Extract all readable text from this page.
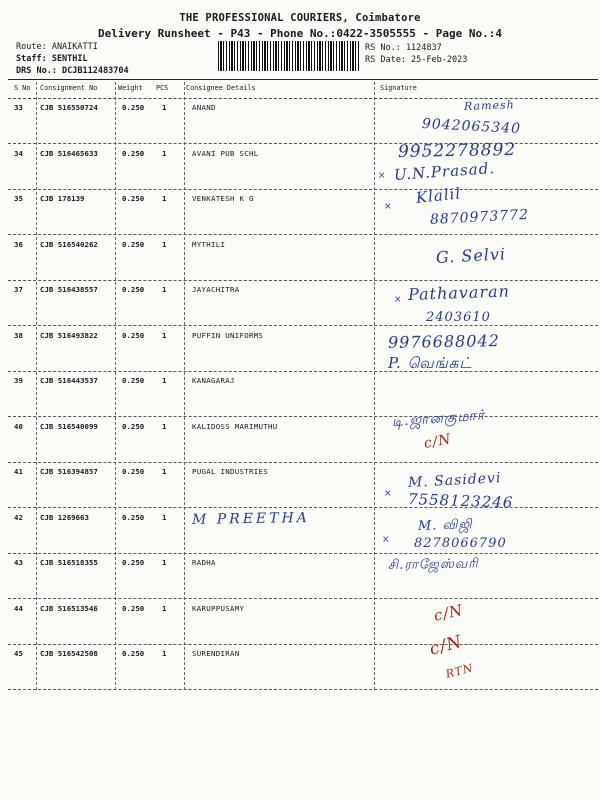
THE PROFESSIONAL COURIERS, Coimbatore
Delivery Runsheet - P43 - Phone No.:0422-3505555 - Page No.:4
Route: ANAIKATTI
Staff: SENTHIL
DRS No.: DCJB112483704
RS No.: 1124837
RS Date: 25-Feb-2023
S No Consignment No	Weight PCS	Consignee Details	Signature
33 CJB 516550724	0.250 1	ANAND	Ramesh
9042065340
34 CJB 516465633	0.250 1	AVANI PUB SCHL	9952278892
U.N.Prasad.
×
35 CJB 178139	0.250 1	VENKATESH K G	Klalil
8870973772
×
36 CJB 516540262	0.250 1	MYTHILI	G. Selvi
37 CJB 516438557	0.250 1	JAYACHITRA	Pathavaran
2403610
×
38 CJB 516493822	0.250 1	PUFFIN UNIFORMS	9976688042
P. வெங்கட்
39 CJB 516443537	0.250 1	KANAGARAJ
40 CJB 516540099	0.250 1	KALIDOSS MARIMUTHU	டி.ஜானகுமார்
c/N
41 CJB 516394857	0.250 1	PUGAL INDUSTRIES	M. Sasidevi
7558123246
×
42 CJB 1269663	0.250 1 M PREETHA	M. விஜி
8278066790
×
43 CJB 516518355	0.250 1	RADHA	சி.ராஜேஸ்வரி
44 CJB 516513546	0.250 1	KARUPPUSAMY	c/N
45 CJB 516542508	0.250 1	SURENDIRAN	c/N
RTN
